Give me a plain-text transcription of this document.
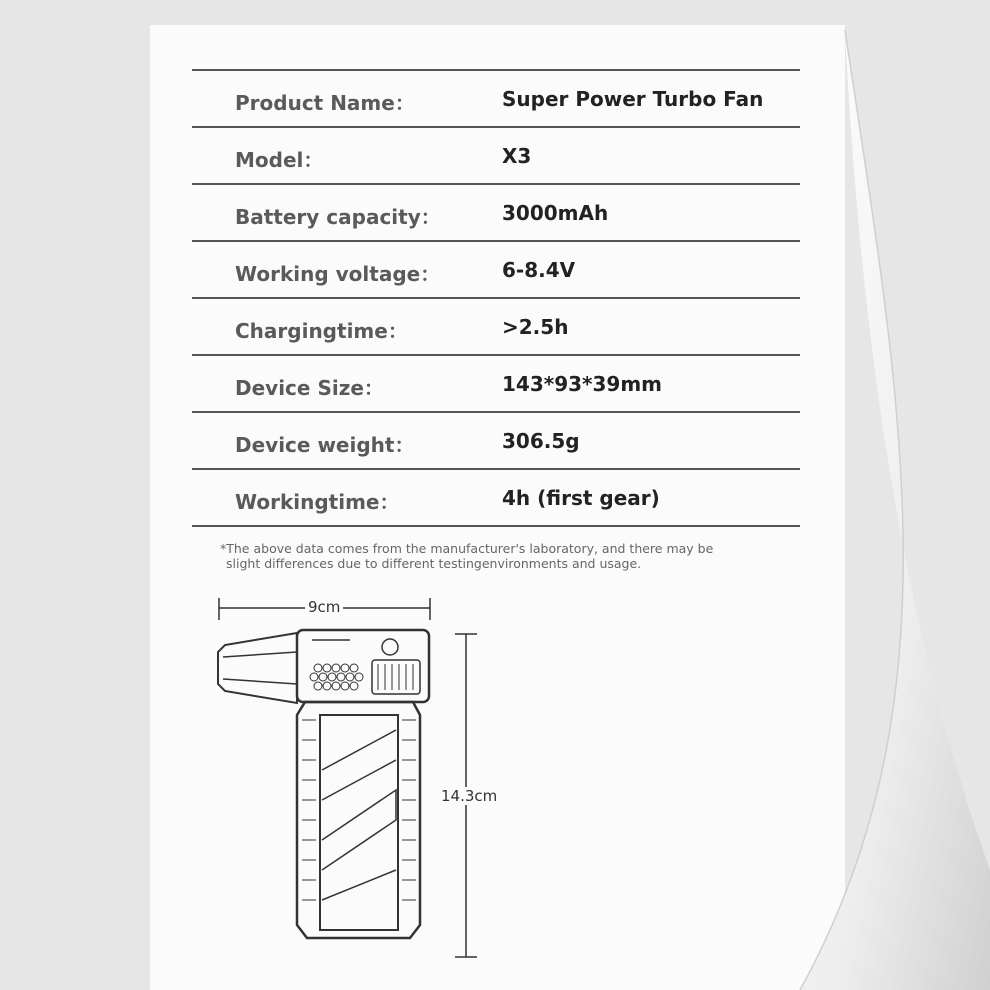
Product Name：	Super Power Turbo Fan
Model：	X3
Battery capacity：	3000mAh
Working voltage：	6-8.4V
Chargingtime：	>2.5h
Device Size：	143*93*39mm
Device weight：	306.5g
Workingtime：	4h (first gear)
*The above data comes from the manufacturer's laboratory, and there may be
slight differences due to different testingenvironments and usage.
9cm
14.3cm
